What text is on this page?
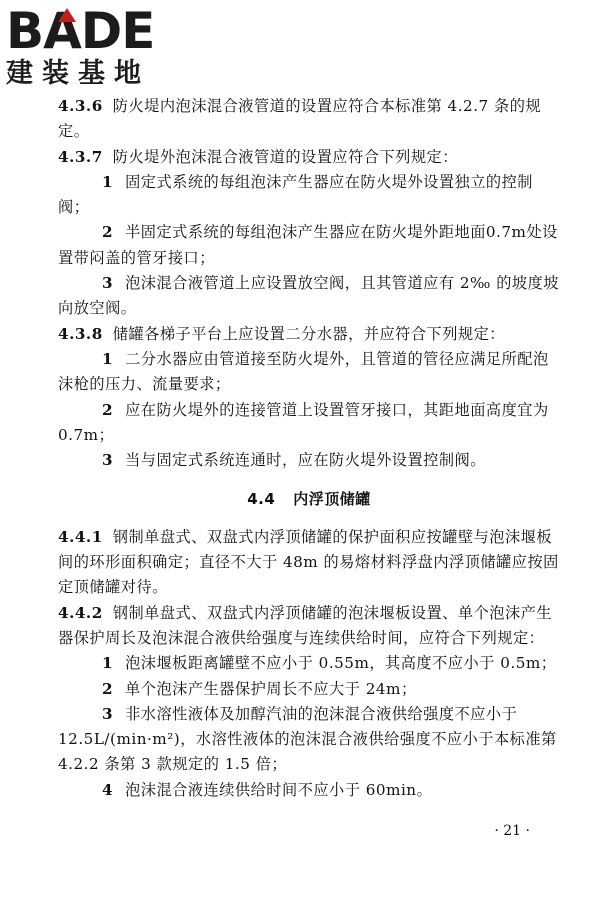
BADE
建装基地

4.3.6 防火堤内泡沫混合液管道的设置应符合本标准第 4.2.7 条的规定。

4.3.7 防火堤外泡沫混合液管道的设置应符合下列规定：

1 固定式系统的每组泡沫产生器应在防火堤外设置独立的控制阀；

2 半固定式系统的每组泡沫产生器应在防火堤外距地面0.7m处设置带闷盖的管牙接口；

3 泡沫混合液管道上应设置放空阀，且其管道应有 2‰ 的坡度坡向放空阀。

4.3.8 储罐各梯子平台上应设置二分水器，并应符合下列规定：

1 二分水器应由管道接至防火堤外，且管道的管径应满足所配泡沫枪的压力、流量要求；

2 应在防火堤外的连接管道上设置管牙接口，其距地面高度宜为 0.7m；

3 当与固定式系统连通时，应在防火堤外设置控制阀。

4.4 内浮顶储罐

4.4.1 钢制单盘式、双盘式内浮顶储罐的保护面积应按罐壁与泡沫堰板间的环形面积确定；直径不大于 48m 的易熔材料浮盘内浮顶储罐应按固定顶储罐对待。

4.4.2 钢制单盘式、双盘式内浮顶储罐的泡沫堰板设置、单个泡沫产生器保护周长及泡沫混合液供给强度与连续供给时间，应符合下列规定：

1 泡沫堰板距离罐壁不应小于 0.55m，其高度不应小于 0.5m；

2 单个泡沫产生器保护周长不应大于 24m；

3 非水溶性液体及加醇汽油的泡沫混合液供给强度不应小于 12.5L/(min·m²)，水溶性液体的泡沫混合液供给强度不应小于本标准第 4.2.2 条第 3 款规定的 1.5 倍；

4 泡沫混合液连续供给时间不应小于 60min。

· 21 ·
